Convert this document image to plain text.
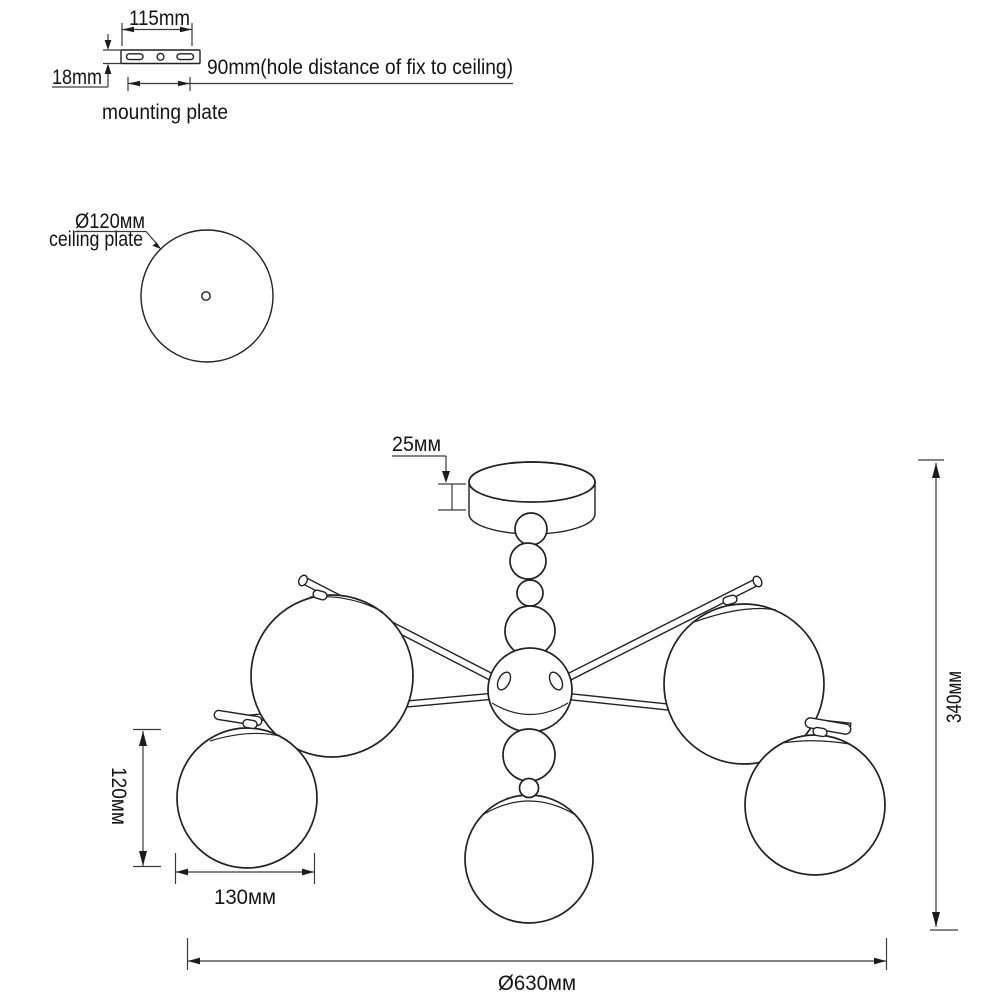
115mm
18mm	90mm(hole distance of fix to ceiling)
mounting plate
Ø120мм
ceiling plate
25мм
340мм
120мм
130мм
Ø630мм
